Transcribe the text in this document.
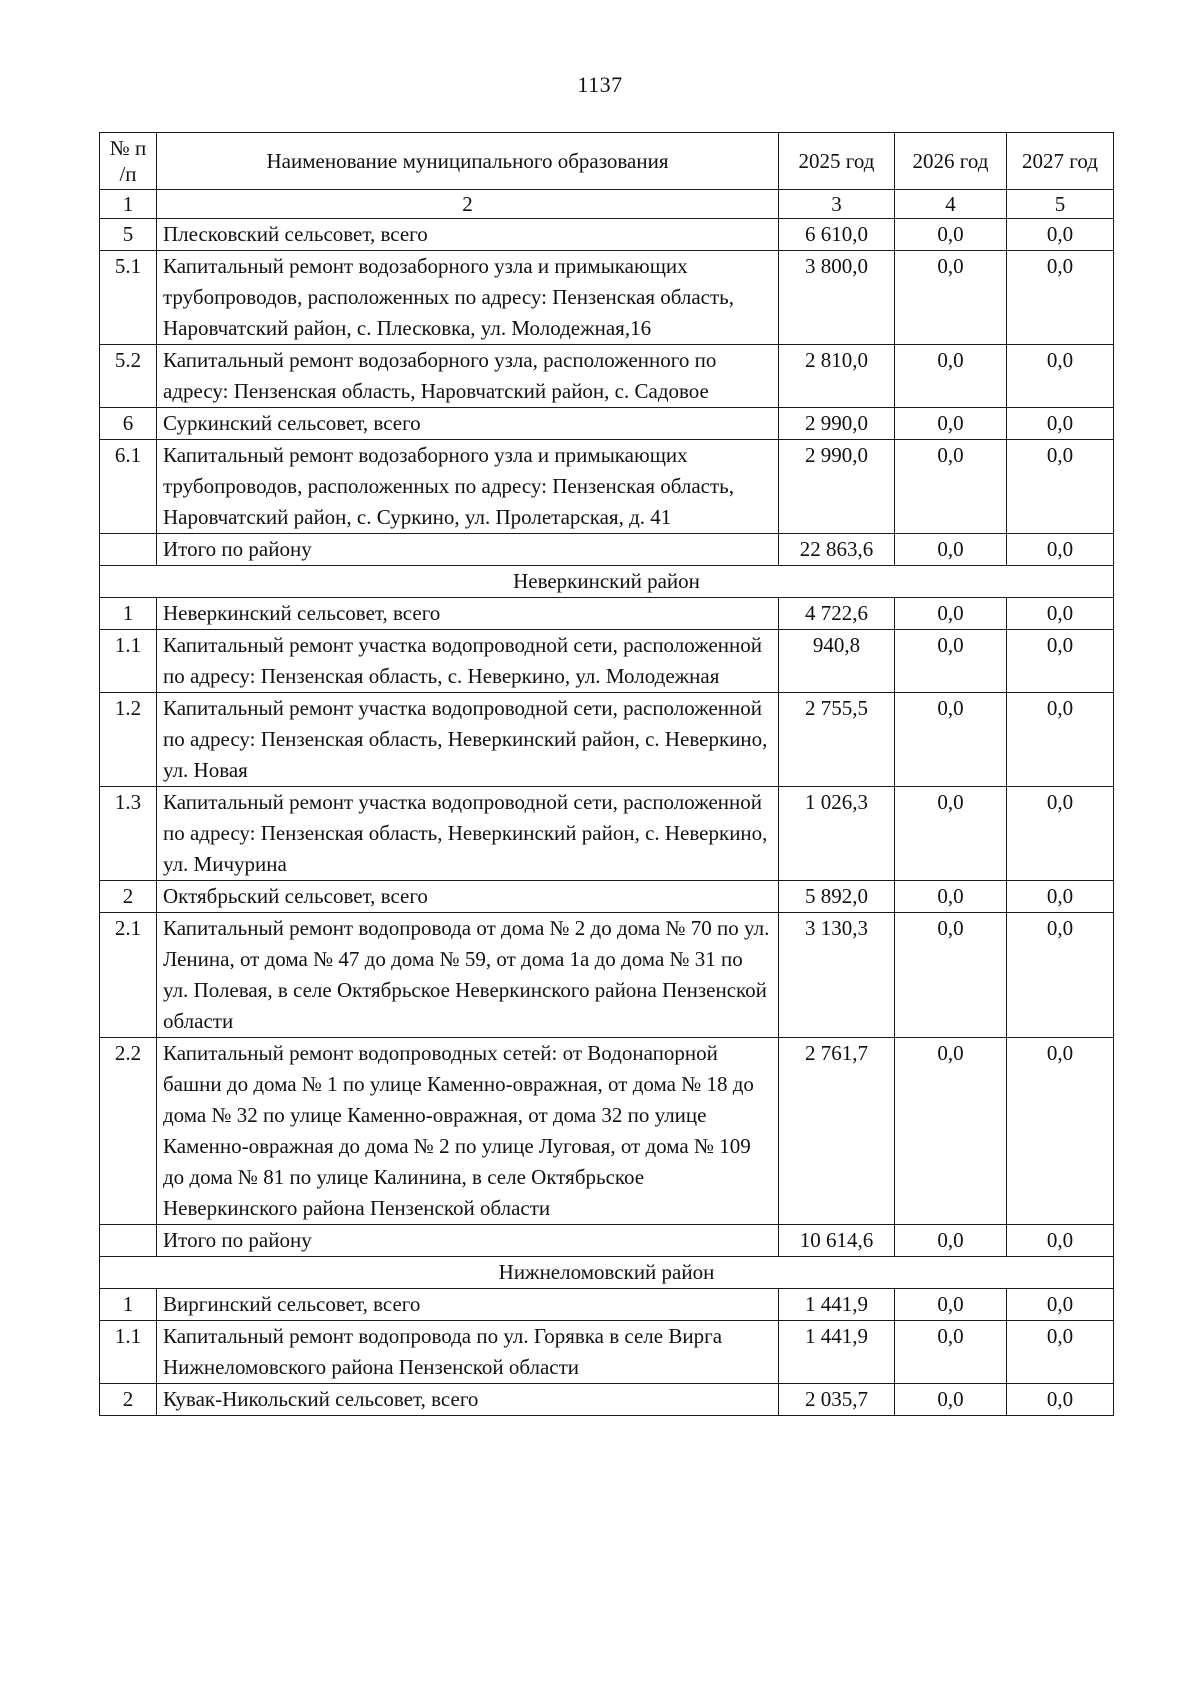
1137
№ п /п	Наименование муниципального образования	2025 год	2026 год	2027 год
1	2	3	4	5
5	Плесковский сельсовет, всего	6 610,0	0,0	0,0
5.1	Капитальный ремонт водозаборного узла и примыкающих трубопроводов, расположенных по адресу: Пензенская область, Наровчатский район, с. Плесковка, ул. Молодежная,16	3 800,0	0,0	0,0
5.2	Капитальный ремонт водозаборного узла, расположенного по адресу: Пензенская область, Наровчатский район, с. Садовое	2 810,0	0,0	0,0
6	Суркинский сельсовет, всего	2 990,0	0,0	0,0
6.1	Капитальный ремонт водозаборного узла и примыкающих трубопроводов, расположенных по адресу: Пензенская область, Наровчатский район, с. Суркино, ул. Пролетарская, д. 41	2 990,0	0,0	0,0
	Итого по району	22 863,6	0,0	0,0
Неверкинский район				
1	Неверкинский сельсовет, всего	4 722,6	0,0	0,0
1.1	Капитальный ремонт участка водопроводной сети, расположенной по адресу: Пензенская область, с. Неверкино, ул. Молодежная	940,8	0,0	0,0
1.2	Капитальный ремонт участка водопроводной сети, расположенной по адресу: Пензенская область, Неверкинский район, с. Неверкино, ул. Новая	2 755,5	0,0	0,0
1.3	Капитальный ремонт участка водопроводной сети, расположенной по адресу: Пензенская область, Неверкинский район, с. Неверкино, ул. Мичурина	1 026,3	0,0	0,0
2	Октябрьский сельсовет, всего	5 892,0	0,0	0,0
2.1	Капитальный ремонт водопровода от дома № 2 до дома № 70 по ул. Ленина, от дома № 47 до дома № 59, от дома 1а до дома № 31 по ул. Полевая, в селе Октябрьское Неверкинского района Пензенской области	3 130,3	0,0	0,0
2.2	Капитальный ремонт водопроводных сетей: от Водонапорной башни до дома № 1 по улице Каменно-овражная, от дома № 18 до дома № 32 по улице Каменно-овражная, от дома 32 по улице Каменно-овражная до дома № 2 по улице Луговая, от дома № 109 до дома № 81 по улице Калинина, в селе Октябрьское Неверкинского района Пензенской области	2 761,7	0,0	0,0
	Итого по району	10 614,6	0,0	0,0
Нижнеломовский район				
1	Виргинский сельсовет, всего	1 441,9	0,0	0,0
1.1	Капитальный ремонт водопровода по ул. Горявка в селе Вирга Нижнеломовского района Пензенской области	1 441,9	0,0	0,0
2	Кувак-Никольский сельсовет, всего	2 035,7	0,0	0,0
